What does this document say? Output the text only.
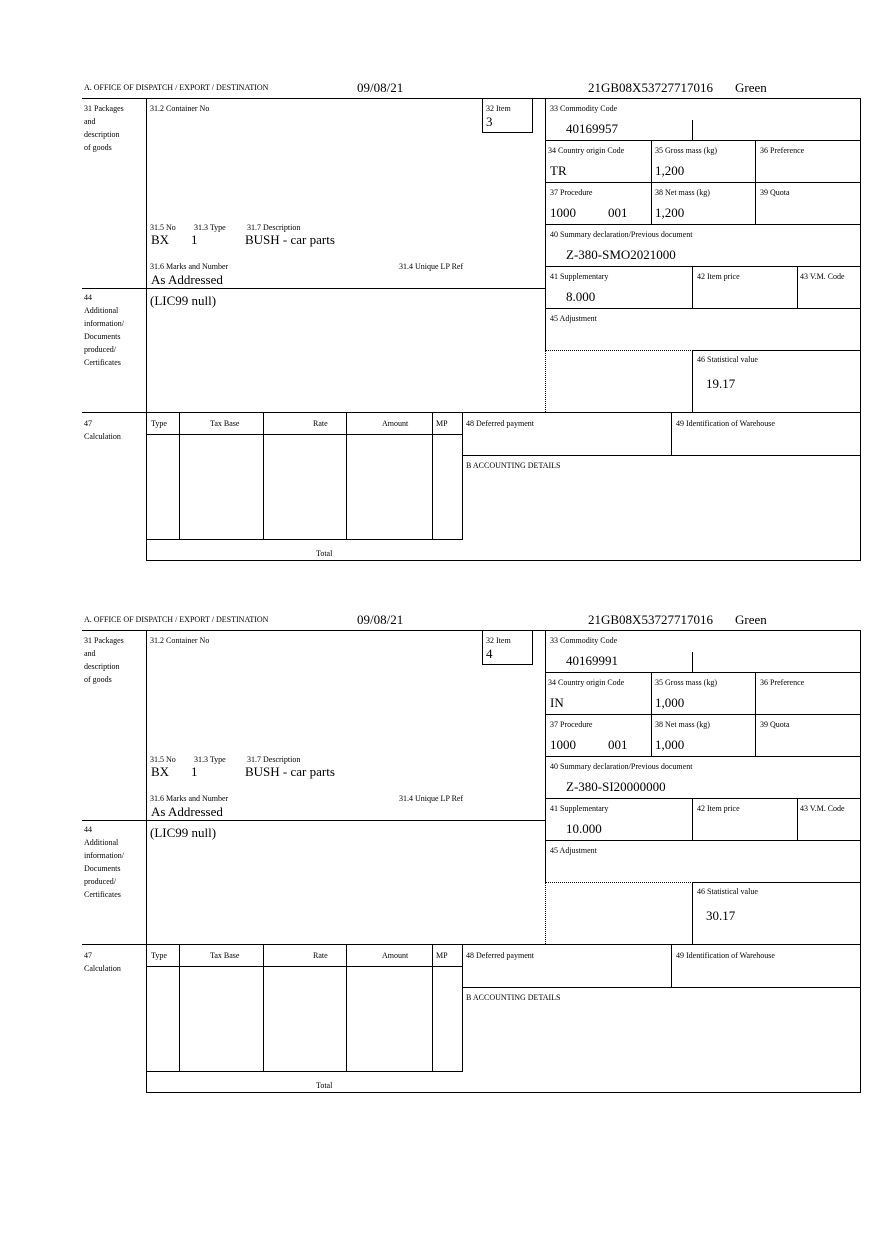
A. OFFICE OF DISPATCH / EXPORT / DESTINATION	09/08/21	21GB08X53727717016 Green
31 Packages
and
description
of goods
31.2 Container No	32 Item
3
33 Commodity Code
40169957
34 Country origin Code
TR
35 Gross mass (kg)
1,200
36 Preference
37 Procedure
1000 001
38 Net mass (kg)
1,200
39 Quota
40 Summary declaration/Previous document
Z-380-SMO2021000
41 Supplementary
8.000
42 Item price	43 V.M. Code
45 Adjustment
46 Statistical value
19.17
31.5 No 31.3 Type	31.7 Description
BX 1	BUSH - car parts
31.6 Marks and Number	31.4 Unique LP Ref
As Addressed
44
Additional
information/
Documents
produced/
Certificates
(LIC99 null)
47
Calculation
Type	Tax Base	Rate	Amount	MP
Total
48 Deferred payment	49 Identification of Warehouse
B ACCOUNTING DETAILS
A. OFFICE OF DISPATCH / EXPORT / DESTINATION	09/08/21	21GB08X53727717016 Green
31 Packages
and
description
of goods
31.2 Container No	32 Item
4
33 Commodity Code
40169991
34 Country origin Code
IN
35 Gross mass (kg)
1,000
36 Preference
37 Procedure
1000 001
38 Net mass (kg)
1,000
39 Quota
40 Summary declaration/Previous document
Z-380-SI20000000
41 Supplementary
10.000
42 Item price	43 V.M. Code
45 Adjustment
46 Statistical value
30.17
31.5 No 31.3 Type	31.7 Description
BX 1	BUSH - car parts
31.6 Marks and Number	31.4 Unique LP Ref
As Addressed
44
Additional
information/
Documents
produced/
Certificates
(LIC99 null)
47
Calculation
Type	Tax Base	Rate	Amount	MP
Total
48 Deferred payment	49 Identification of Warehouse
B ACCOUNTING DETAILS
